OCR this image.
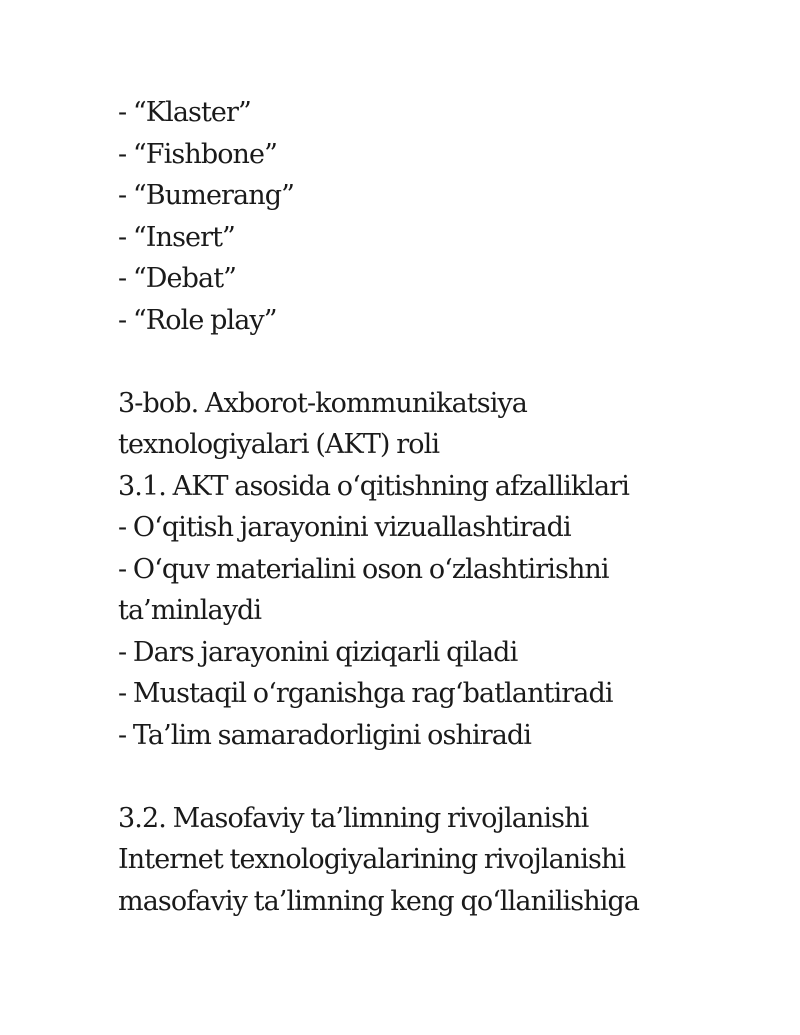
- “Klaster”
- “Fishbone”
- “Bumerang”
- “Insert”
- “Debat”
- “Role play”
3-bob. Axborot-kommunikatsiya
texnologiyalari (AKT) roli
3.1. AKT asosida oʻqitishning afzalliklari
- Oʻqitish jarayonini vizuallashtiradi
- Oʻquv materialini oson oʻzlashtirishni
ta’minlaydi
- Dars jarayonini qiziqarli qiladi
- Mustaqil oʻrganishga ragʻbatlantiradi
- Ta’lim samaradorligini oshiradi
3.2. Masofaviy ta’limning rivojlanishi
Internet texnologiyalarining rivojlanishi
masofaviy ta’limning keng qoʻllanilishiga
